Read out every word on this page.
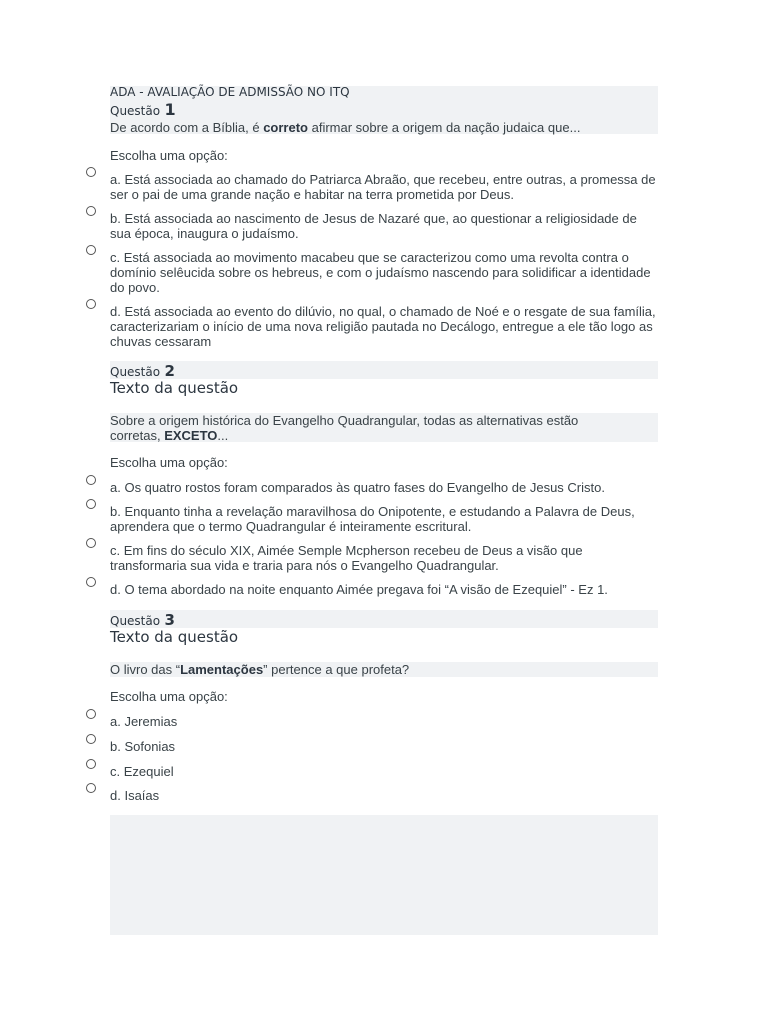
ADA - AVALIAÇÃO DE ADMISSÃO NO ITQ
Questão 1
De acordo com a Bíblia, é correto afirmar sobre a origem da nação judaica que...
Escolha uma opção:
a. Está associada ao chamado do Patriarca Abraão, que recebeu, entre outras, a promessa de ser o pai de uma grande nação e habitar na terra prometida por Deus.
b. Está associada ao nascimento de Jesus de Nazaré que, ao questionar a religiosidade de sua época, inaugura o judaísmo.
c. Está associada ao movimento macabeu que se caracterizou como uma revolta contra o domínio selêucida sobre os hebreus, e com o judaísmo nascendo para solidificar a identidade do povo.
d. Está associada ao evento do dilúvio, no qual, o chamado de Noé e o resgate de sua família, caracterizariam o início de uma nova religião pautada no Decálogo, entregue a ele tão logo as chuvas cessaram
Questão 2
Texto da questão
Sobre a origem histórica do Evangelho Quadrangular, todas as alternativas estão corretas, EXCETO...
Escolha uma opção:
a. Os quatro rostos foram comparados às quatro fases do Evangelho de Jesus Cristo.
b. Enquanto tinha a revelação maravilhosa do Onipotente, e estudando a Palavra de Deus, aprendera que o termo Quadrangular é inteiramente escritural.
c. Em fins do século XIX, Aimée Semple Mcpherson recebeu de Deus a visão que transformaria sua vida e traria para nós o Evangelho Quadrangular.
d. O tema abordado na noite enquanto Aimée pregava foi “A visão de Ezequiel” - Ez 1.
Questão 3
Texto da questão
O livro das “Lamentações” pertence a que profeta?
Escolha uma opção:
a. Jeremias
b. Sofonias
c. Ezequiel
d. Isaías
